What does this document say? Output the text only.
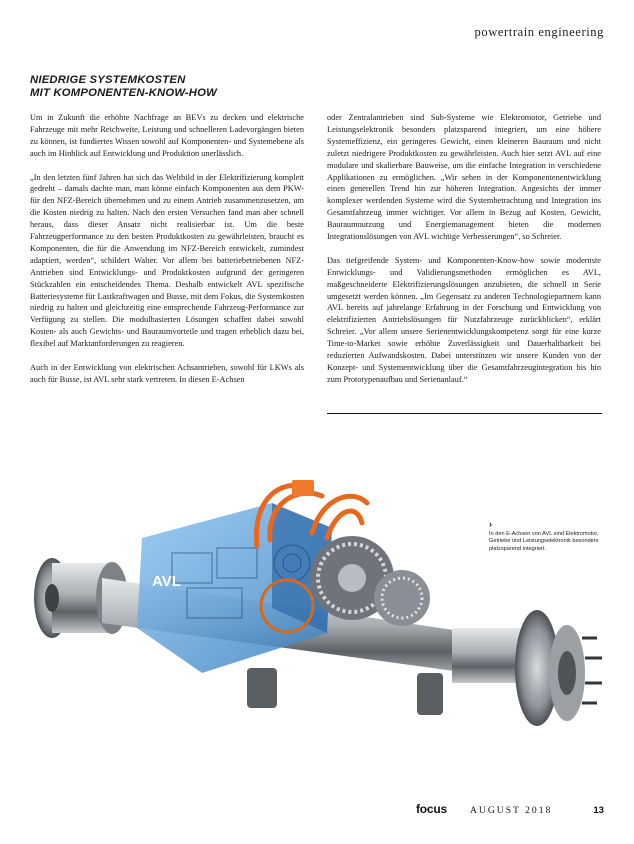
powertrain engineering
NIEDRIGE SYSTEMKOSTEN
MIT KOMPONENTEN-KNOW-HOW

Um in Zukunft die erhöhte Nachfrage an BEVs zu decken und elektrische Fahrzeuge mit mehr Reichweite, Leistung und schnelleren Ladevorgängen bieten zu können, ist fundiertes Wissen sowohl auf Komponenten- und Systemebene als auch im Hinblick auf Entwicklung und Produktion unerlässlich.

„In den letzten fünf Jahren hat sich das Weltbild in der Elektrifizierung komplett gedreht – damals dachte man, man könne einfach Komponenten aus dem PKW- für den NFZ-Bereich übernehmen und zu einem Antrieb zusammenzusetzen, um die Kosten niedrig zu halten. Nach den ersten Versuchen fand man aber schnell heraus, dass dieser Ansatz nicht realisierbar ist. Um die beste Fahrzeugperformance zu den besten Produktkosten zu gewährleisten, braucht es Komponenten, die für die Anwendung im NFZ-Bereich entwickelt, zumindest adaptiert, werden“, schildert Walter. Vor allem bei batteriebetriebenen NFZ-Antrieben sind Entwicklungs- und Produktkosten aufgrund der geringeren Stückzahlen ein entscheidendes Thema. Deshalb entwickelt AVL spezifische Batteriesysteme für Lastkraftwagen und Busse, mit dem Fokus, die Systemkosten niedrig zu halten und gleichzeitig eine entsprechende Fahrzeug-Performance zur Verfügung zu stellen. Die modulbasierten Lösungen schaffen dabei sowohl Kosten- als auch Gewichts- und Bauraumvorteile und tragen erheblich dazu bei, flexibel auf Marktanforderungen zu reagieren.

Auch in der Entwicklung von elektrischen Achsantrieben, sowohl für LKWs als auch für Busse, ist AVL sehr stark vertreten. In diesen E-Achsen

oder Zentralantrieben sind Sub-Systeme wie Elektromotor, Getriebe und Leistungselektronik besonders platzsparend integriert, um eine höhere Systemeffizienz, ein geringeres Gewicht, einen kleineren Bauraum und nicht zuletzt niedrigere Produktkosten zu gewährleisten. Auch hier setzt AVL auf eine modulare und skalierbare Bauweise, um die einfache Integration in verschiedene Applikationen zu ermöglichen. „Wir sehen in der Komponentenentwicklung einen generellen Trend hin zur höheren Integration. Angesichts der immer komplexer werdenden Systeme wird die Systembetrachtung und Integration ins Gesamtfahrzeug immer wichtiger. Vor allem in Bezug auf Kosten, Gewicht, Bauraumnutzung und Energiemanagement bieten die modernen Integrationslösungen von AVL wichtige Verbesserungen“, so Schreier.

Das tiefgreifende System- und Komponenten-Know-how sowie modernste Entwicklungs- und Validierungsmethoden ermöglichen es AVL, maßgeschneiderte Elektrifizierungslösungen anzubieten, die schnell in Serie umgesetzt werden können. „Im Gegensatz zu anderen Technologiepartnern kann AVL bereits auf jahrelange Erfahrung in der Forschung und Entwicklung von elektrifizierten Antriebslösungen für Nutzfahrzeuge zurückblicken“, erklärt Schreier. „Vor allem unsere Serienentwicklungskompetenz sorgt für eine kurze Time-to-Market sowie erhöhte Zuverlässigkeit und Dauerhaltbarkeit bei reduzierten Aufwandskosten. Dabei unterstützen wir unsere Kunden von der Konzept- und Systementwicklung über die Gesamtfahrzeugintegration bis hin zum Prototypenaufbau und Serienanlauf.“

AVL
›
In den E-Achsen von AVL sind Elektromotor, Getriebe und Leistungselektronik besonders platzsparend integriert.
focus AUGUST 2018	13
